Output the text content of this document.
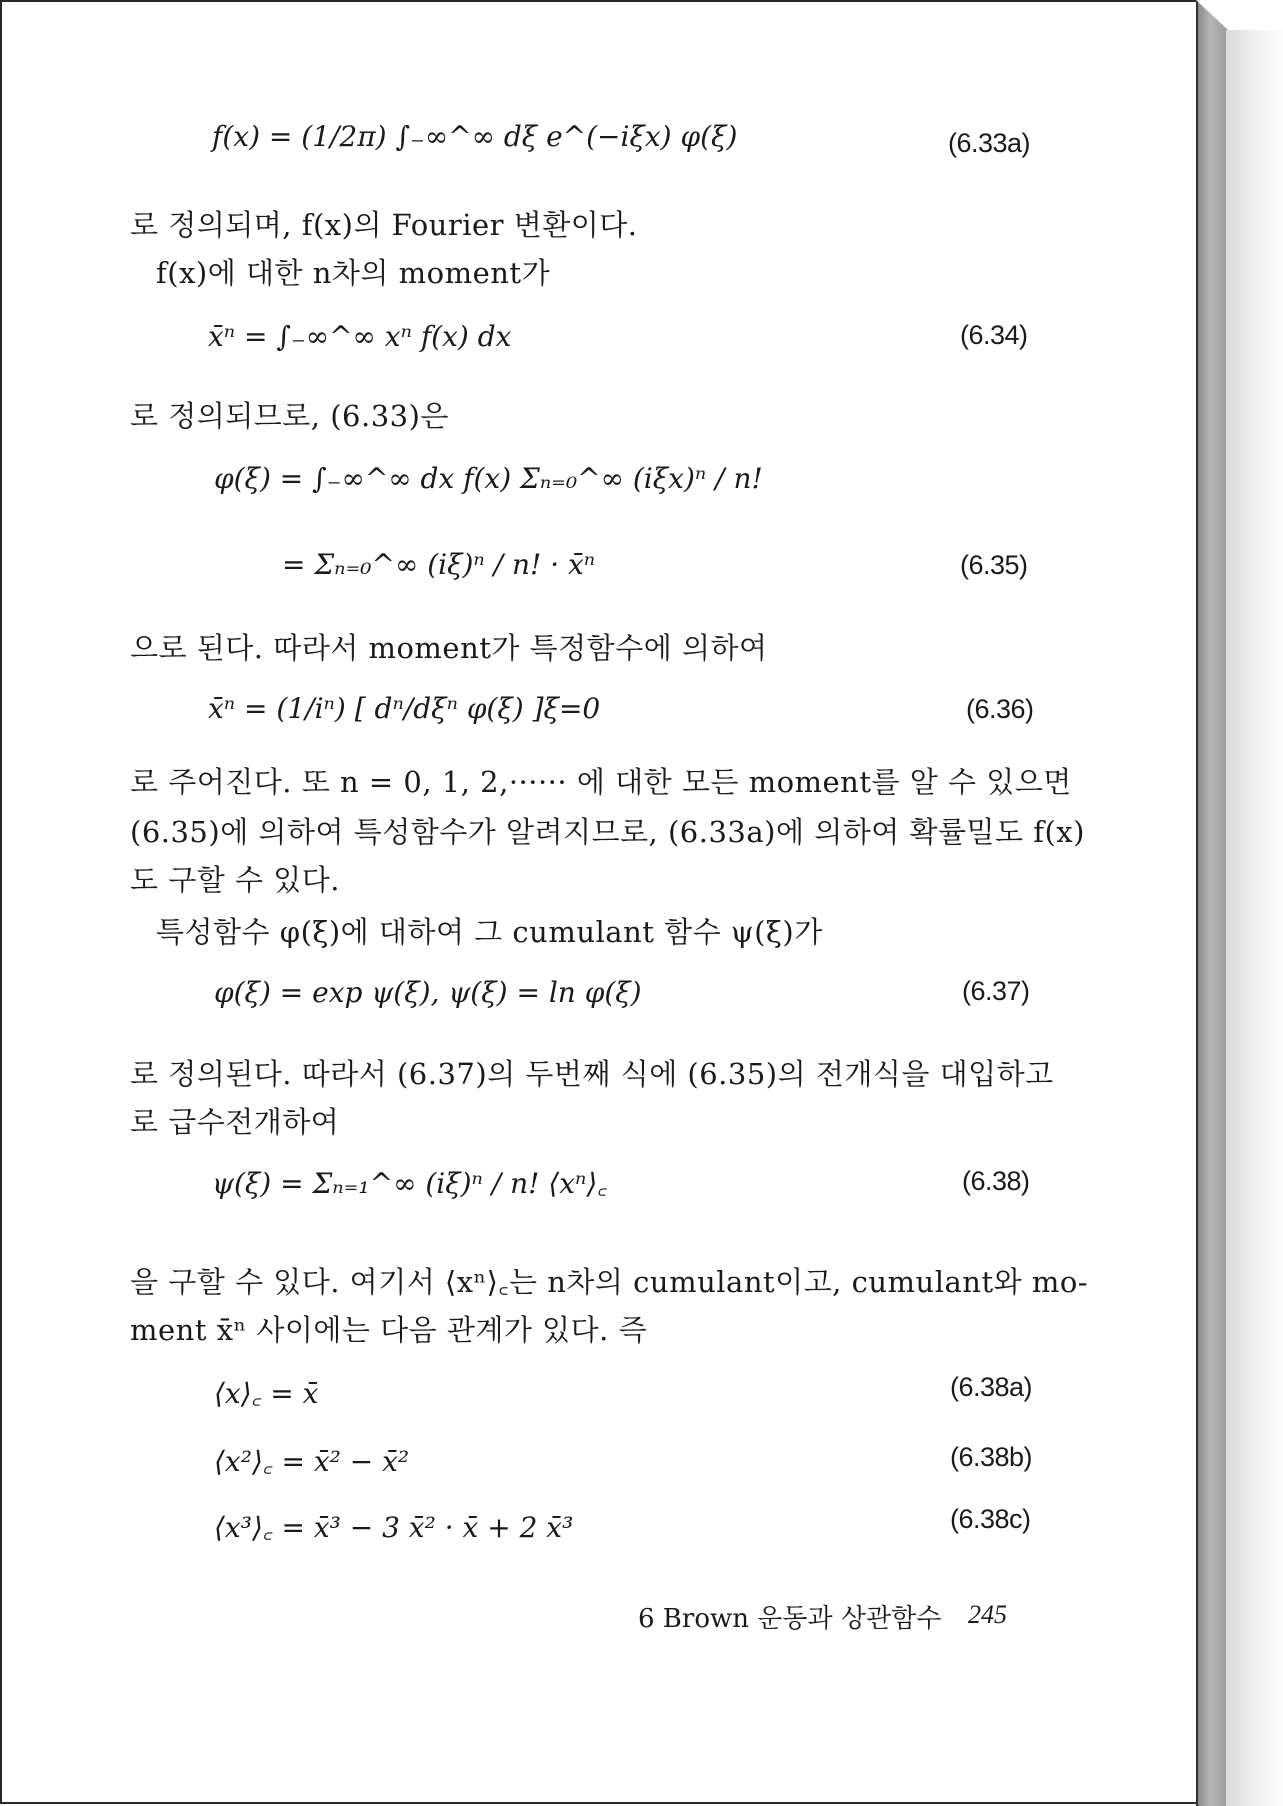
f(x) = (1/2π) ∫₋∞^∞ dξ e^(−iξx) φ(ξ)	(6.33a)
로 정의되며, f(x)의 Fourier 변환이다.
f(x)에 대한 n차의 moment가
x̄ⁿ = ∫₋∞^∞ xⁿ f(x) dx	(6.34)
로 정의되므로, (6.33)은
φ(ξ) = ∫₋∞^∞ dx f(x) Σₙ₌₀^∞ (iξx)ⁿ / n!
= Σₙ₌₀^∞ (iξ)ⁿ / n! · x̄ⁿ	(6.35)
으로 된다. 따라서 moment가 특정함수에 의하여
x̄ⁿ = (1/iⁿ) [ dⁿ/dξⁿ φ(ξ) ]ξ=0	(6.36)
로 주어진다. 또 n = 0, 1, 2,······ 에 대한 모든 moment를 알 수 있으면
(6.35)에 의하여 특성함수가 알려지므로, (6.33a)에 의하여 확률밀도 f(x)
도 구할 수 있다.
특성함수 φ(ξ)에 대하여 그 cumulant 함수 ψ(ξ)가
φ(ξ) = exp ψ(ξ), ψ(ξ) = ln φ(ξ)	(6.37)
로 정의된다. 따라서 (6.37)의 두번째 식에 (6.35)의 전개식을 대입하고
로 급수전개하여
ψ(ξ) = Σₙ₌₁^∞ (iξ)ⁿ / n! ⟨xⁿ⟩꜀	(6.38)
을 구할 수 있다. 여기서 ⟨xⁿ⟩꜀는 n차의 cumulant이고, cumulant와 mo-
ment x̄ⁿ 사이에는 다음 관계가 있다. 즉
⟨x⟩꜀ = x̄	(6.38a)
⟨x²⟩꜀ = x̄² − x̄²	(6.38b)
⟨x³⟩꜀ = x̄³ − 3 x̄² · x̄ + 2 x̄³	(6.38c)
6 Brown 운동과 상관함수 245
